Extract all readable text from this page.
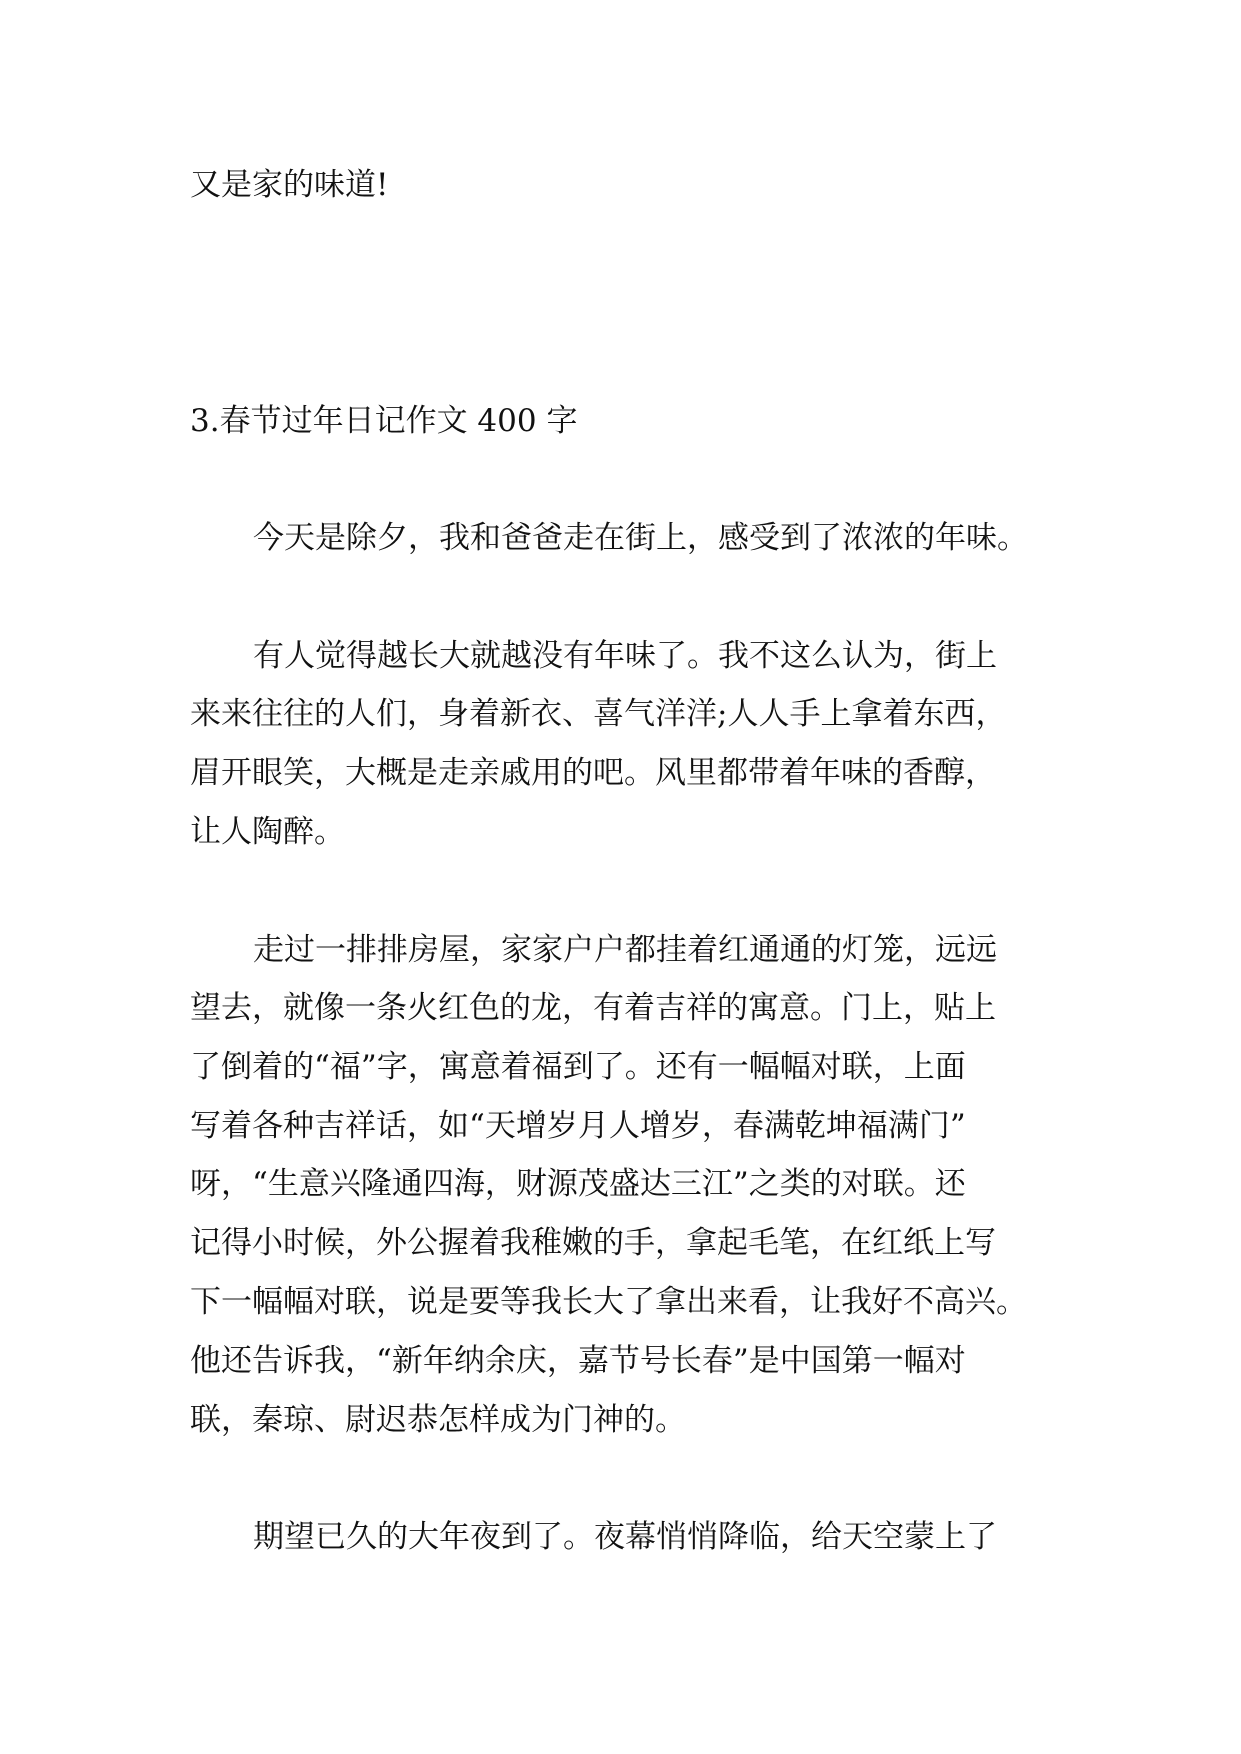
又是家的味道!
3.春节过年日记作文 400 字
今天是除夕，我和爸爸走在街上，感受到了浓浓的年味。
有人觉得越长大就越没有年味了。我不这么认为，街上
来来往往的人们，身着新衣、喜气洋洋;人人手上拿着东西，
眉开眼笑，大概是走亲戚用的吧。风里都带着年味的香醇，
让人陶醉。
走过一排排房屋，家家户户都挂着红通通的灯笼，远远
望去，就像一条火红色的龙，有着吉祥的寓意。门上，贴上
了倒着的“福”字，寓意着福到了。还有一幅幅对联，上面
写着各种吉祥话，如“天增岁月人增岁，春满乾坤福满门”
呀，“生意兴隆通四海，财源茂盛达三江”之类的对联。还
记得小时候，外公握着我稚嫩的手，拿起毛笔，在红纸上写
下一幅幅对联，说是要等我长大了拿出来看，让我好不高兴。
他还告诉我，“新年纳余庆，嘉节号长春”是中国第一幅对
联，秦琼、尉迟恭怎样成为门神的。
期望已久的大年夜到了。夜幕悄悄降临，给天空蒙上了
